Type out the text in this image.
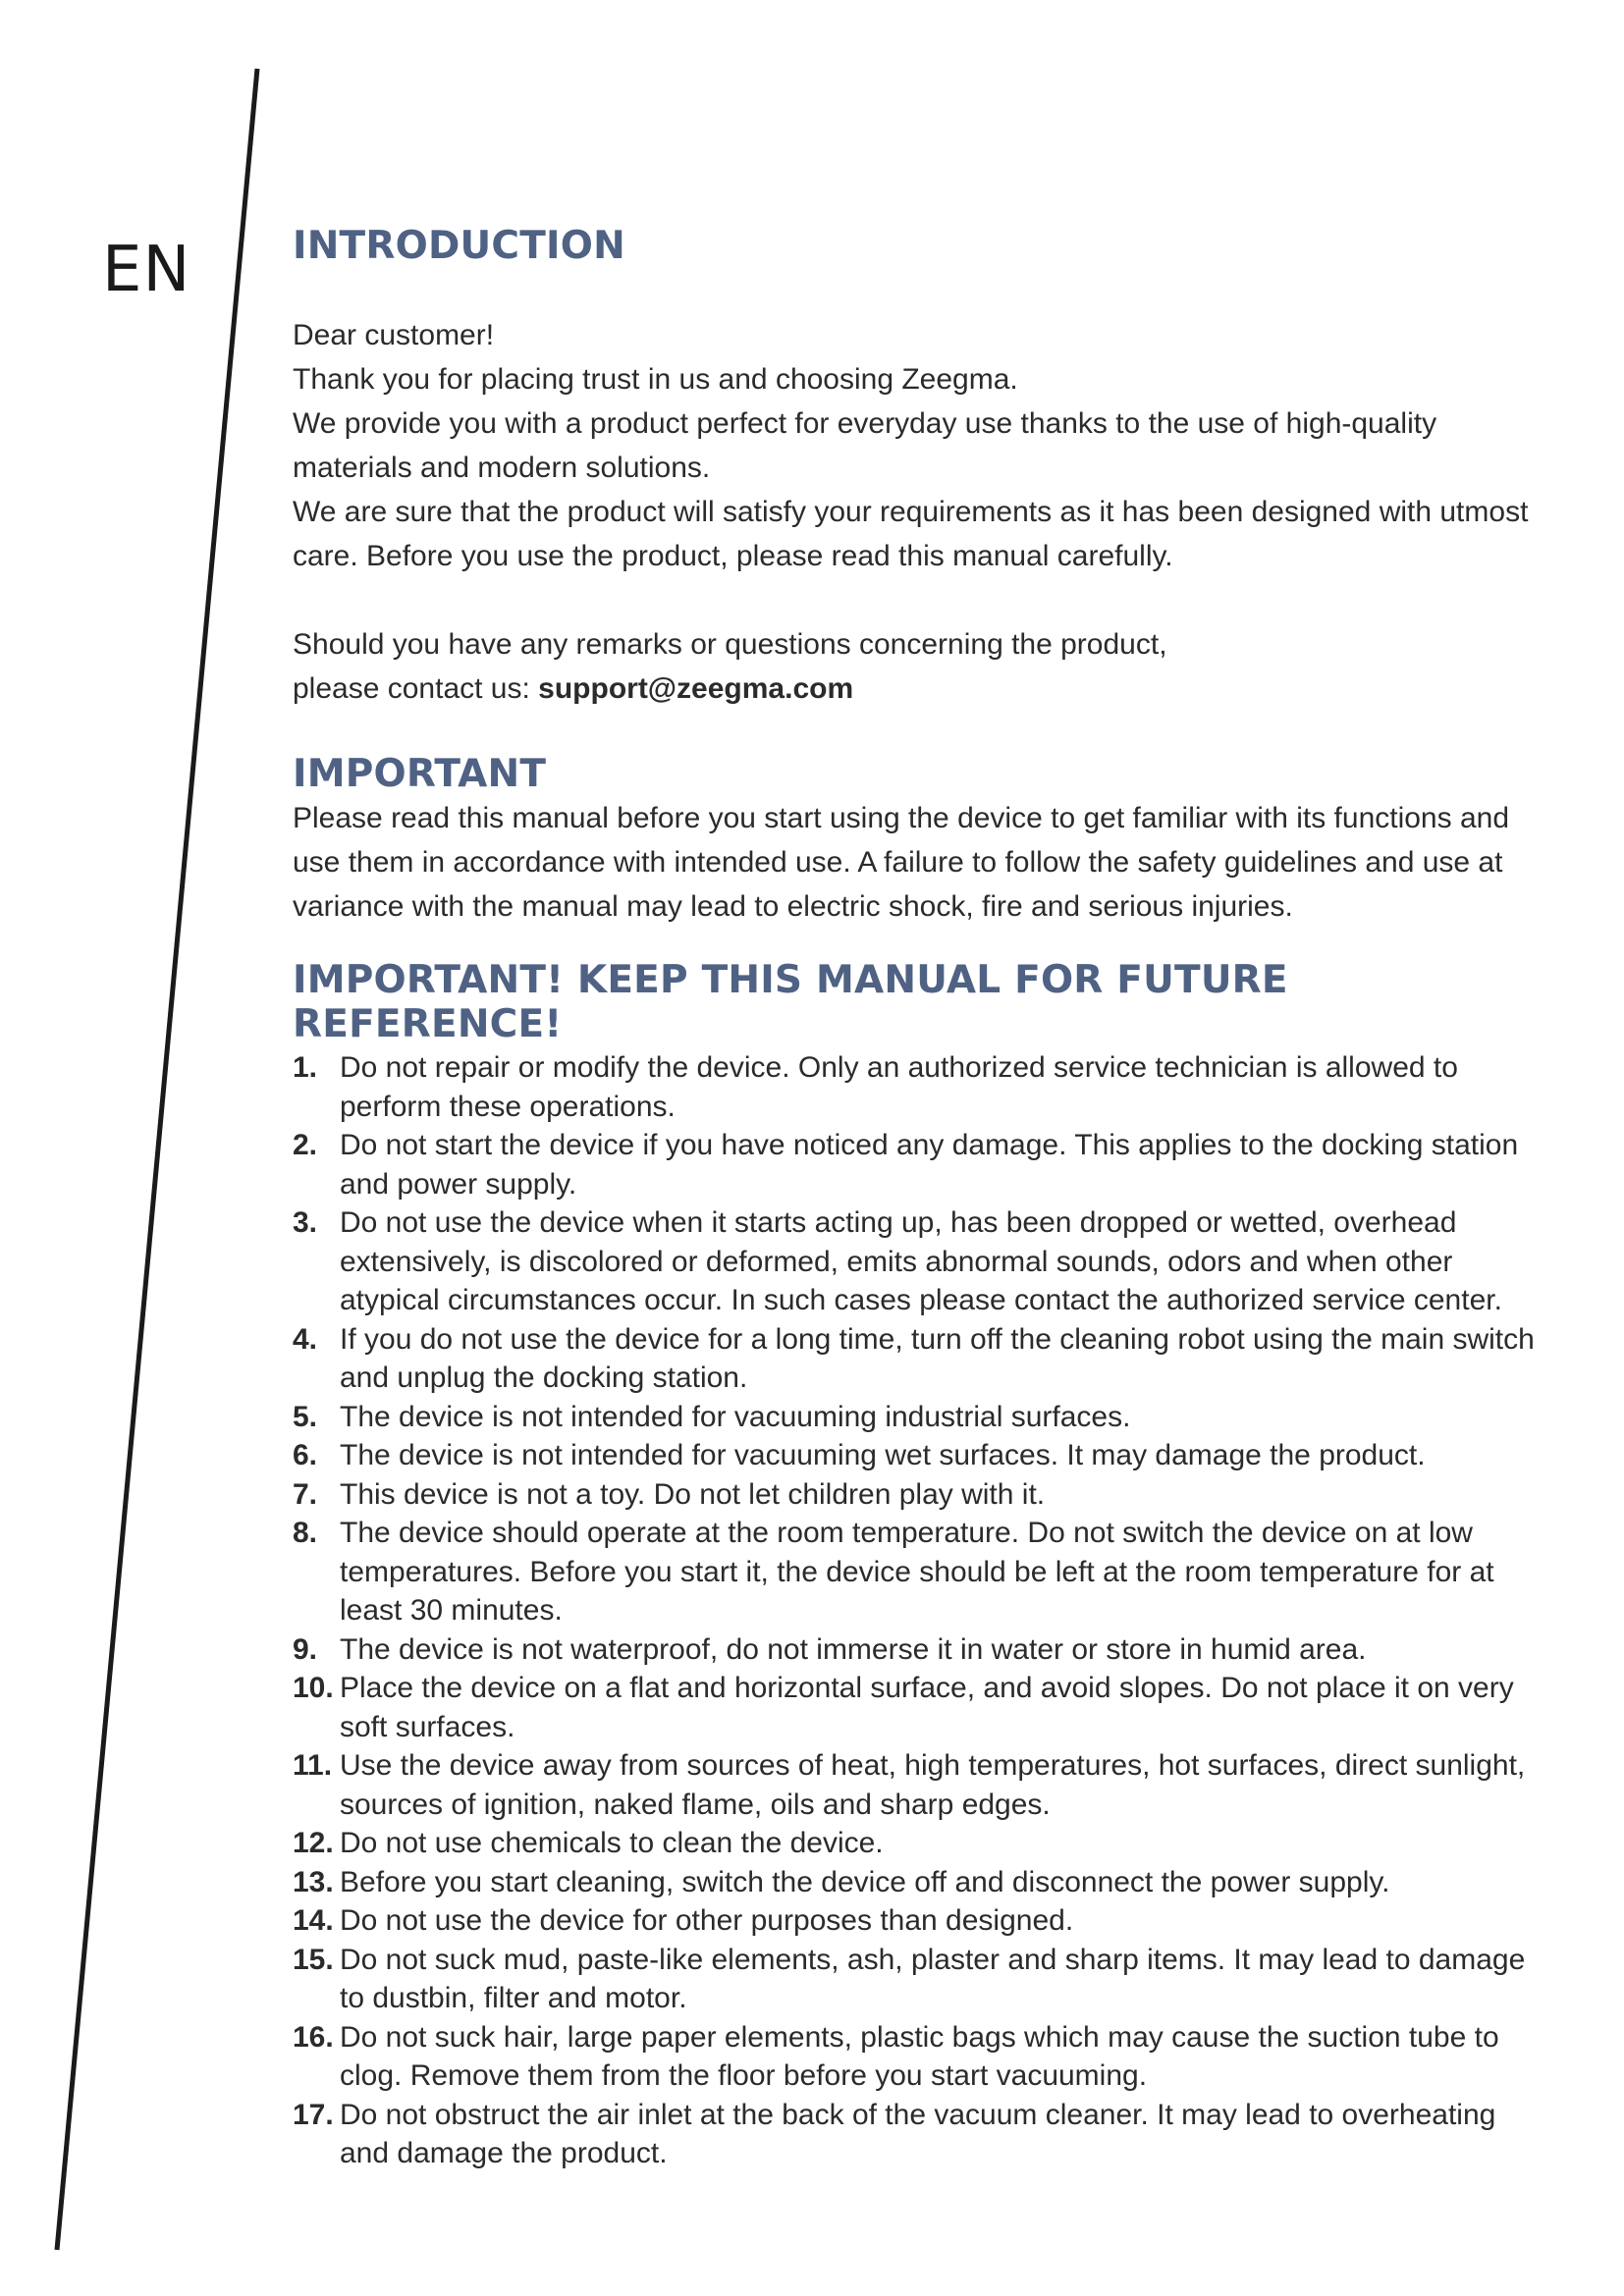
EN	INTRODUCTION

Dear customer!

Thank you for placing trust in us and choosing Zeegma.

We provide you with a product perfect for everyday use thanks to the use of high-quality materials and modern solutions.

We are sure that the product will satisfy your requirements as it has been designed with utmost care. Before you use the product, please read this manual carefully.

Should you have any remarks or questions concerning the product,

please contact us: support@zeegma.com

IMPORTANT

Please read this manual before you start using the device to get familiar with its functions and use them in accordance with intended use. A failure to follow the safety guidelines and use at variance with the manual may lead to electric shock, fire and serious injuries.

IMPORTANT! KEEP THIS MANUAL FOR FUTURE REFERENCE!
1. Do not repair or modify the device. Only an authorized service technician is allowed to perform these operations.
2. Do not start the device if you have noticed any damage. This applies to the docking station and power supply.
3. Do not use the device when it starts acting up, has been dropped or wetted, overhead extensively, is discolored or deformed, emits abnormal sounds, odors and when other atypical circumstances occur. In such cases please contact the authorized service center.
4. If you do not use the device for a long time, turn off the cleaning robot using the main switch and unplug the docking station.
5. The device is not intended for vacuuming industrial surfaces.
6. The device is not intended for vacuuming wet surfaces. It may damage the product.
7. This device is not a toy. Do not let children play with it.
8. The device should operate at the room temperature. Do not switch the device on at low temperatures. Before you start it, the device should be left at the room temperature for at least 30 minutes.
9. The device is not waterproof, do not immerse it in water or store in humid area.
10. Place the device on a flat and horizontal surface, and avoid slopes. Do not place it on very soft surfaces.
11. Use the device away from sources of heat, high temperatures, hot surfaces, direct sunlight, sources of ignition, naked flame, oils and sharp edges.
12. Do not use chemicals to clean the device.
13. Before you start cleaning, switch the device off and disconnect the power supply.
14. Do not use the device for other purposes than designed.
15. Do not suck mud, paste-like elements, ash, plaster and sharp items. It may lead to damage to dustbin, filter and motor.
16. Do not suck hair, large paper elements, plastic bags which may cause the suction tube to clog. Remove them from the floor before you start vacuuming.
17. Do not obstruct the air inlet at the back of the vacuum cleaner. It may lead to overheating and damage the product.
